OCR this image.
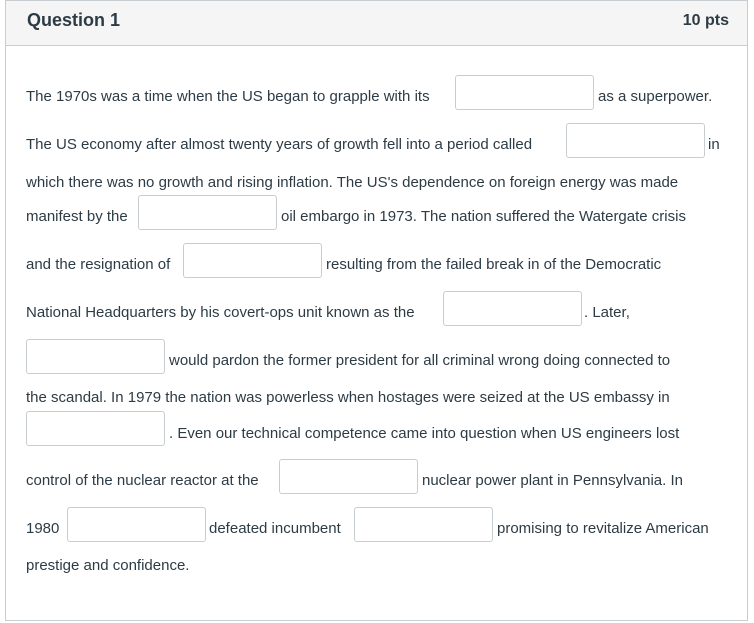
Question 1	10 pts
The 1970s was a time when the US began to grapple with its	as a superpower.
The US economy after almost twenty years of growth fell into a period called	in
which there was no growth and rising inflation. The US's dependence on foreign energy was made
manifest by the	oil embargo in 1973. The nation suffered the Watergate crisis
and the resignation of	resulting from the failed break in of the Democratic
National Headquarters by his covert-ops unit known as the	. Later,
would pardon the former president for all criminal wrong doing connected to
the scandal. In 1979 the nation was powerless when hostages were seized at the US embassy in
. Even our technical competence came into question when US engineers lost
control of the nuclear reactor at the	nuclear power plant in Pennsylvania. In
1980	defeated incumbent	promising to revitalize American
prestige and confidence.
